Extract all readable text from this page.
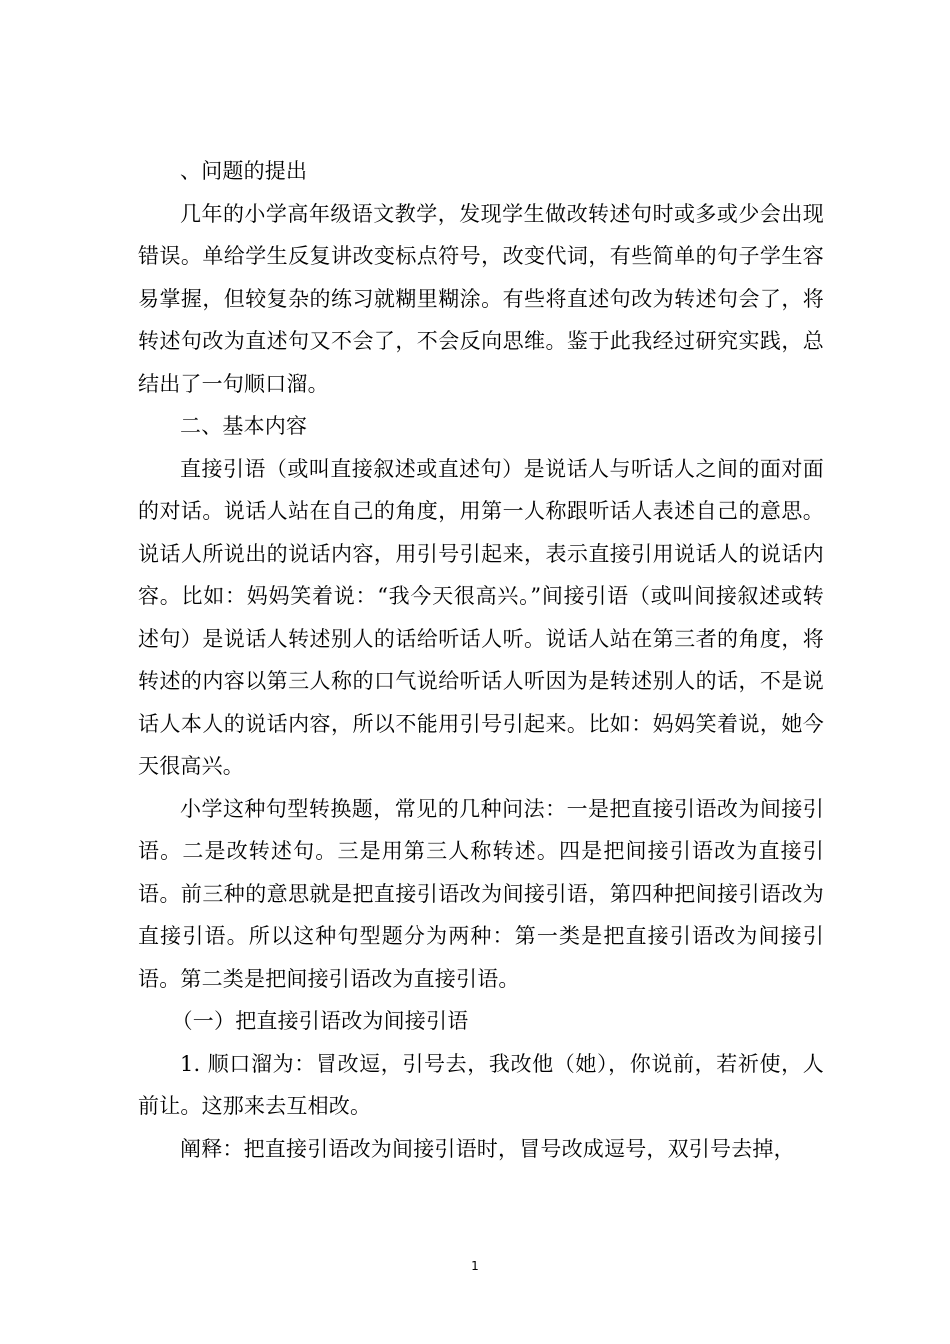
、问题的提出

几年的小学高年级语文教学，发现学生做改转述句时或多或少会出现错误。单给学生反复讲改变标点符号，改变代词，有些简单的句子学生容易掌握，但较复杂的练习就糊里糊涂。有些将直述句改为转述句会了，将转述句改为直述句又不会了，不会反向思维。鉴于此我经过研究实践，总结出了一句顺口溜。

二、基本内容

直接引语（或叫直接叙述或直述句）是说话人与听话人之间的面对面的对话。说话人站在自己的角度，用第一人称跟听话人表述自己的意思。说话人所说出的说话内容，用引号引起来，表示直接引用说话人的说话内容。比如：妈妈笑着说：“我今天很高兴。”间接引语（或叫间接叙述或转述句）是说话人转述别人的话给听话人听。说话人站在第三者的角度，将转述的内容以第三人称的口气说给听话人听因为是转述别人的话，不是说话人本人的说话内容，所以不能用引号引起来。比如：妈妈笑着说，她今天很高兴。

小学这种句型转换题，常见的几种问法：一是把直接引语改为间接引语。二是改转述句。三是用第三人称转述。四是把间接引语改为直接引语。前三种的意思就是把直接引语改为间接引语，第四种把间接引语改为直接引语。所以这种句型题分为两种：第一类是把直接引语改为间接引语。第二类是把间接引语改为直接引语。

（一）把直接引语改为间接引语

1. 顺口溜为：冒改逗，引号去，我改他（她），你说前，若祈使，人前让。这那来去互相改。

阐释：把直接引语改为间接引语时，冒号改成逗号，双引号去掉，

1
